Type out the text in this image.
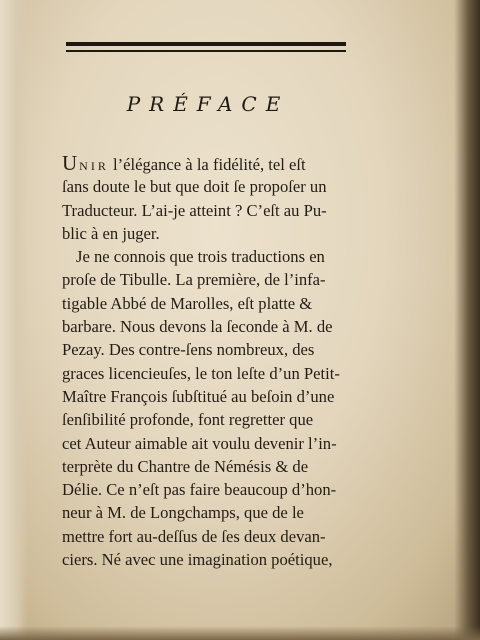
PRÉFACE
Unir l’élégance à la fidélité, tel eſt
ſans doute le but que doit ſe propoſer un
Traducteur. L’ai-je atteint ? C’eſt au Pu-
blic à en juger.
Je ne connois que trois traductions en
proſe de Tibulle. La première, de l’infa-
tigable Abbé de Marolles, eſt platte &
barbare. Nous devons la ſeconde à M. de
Pezay. Des contre-ſens nombreux, des
graces licencieuſes, le ton leſte d’un Petit-
Maître François ſubſtitué au beſoin d’une
ſenſibilité profonde, font regretter que
cet Auteur aimable ait voulu devenir l’in-
terprète du Chantre de Némésis & de
Délie. Ce n’eſt pas faire beaucoup d’hon-
neur à M. de Longchamps, que de le
mettre fort au-deſſus de ſes deux devan-
ciers. Né avec une imagination poétique,
